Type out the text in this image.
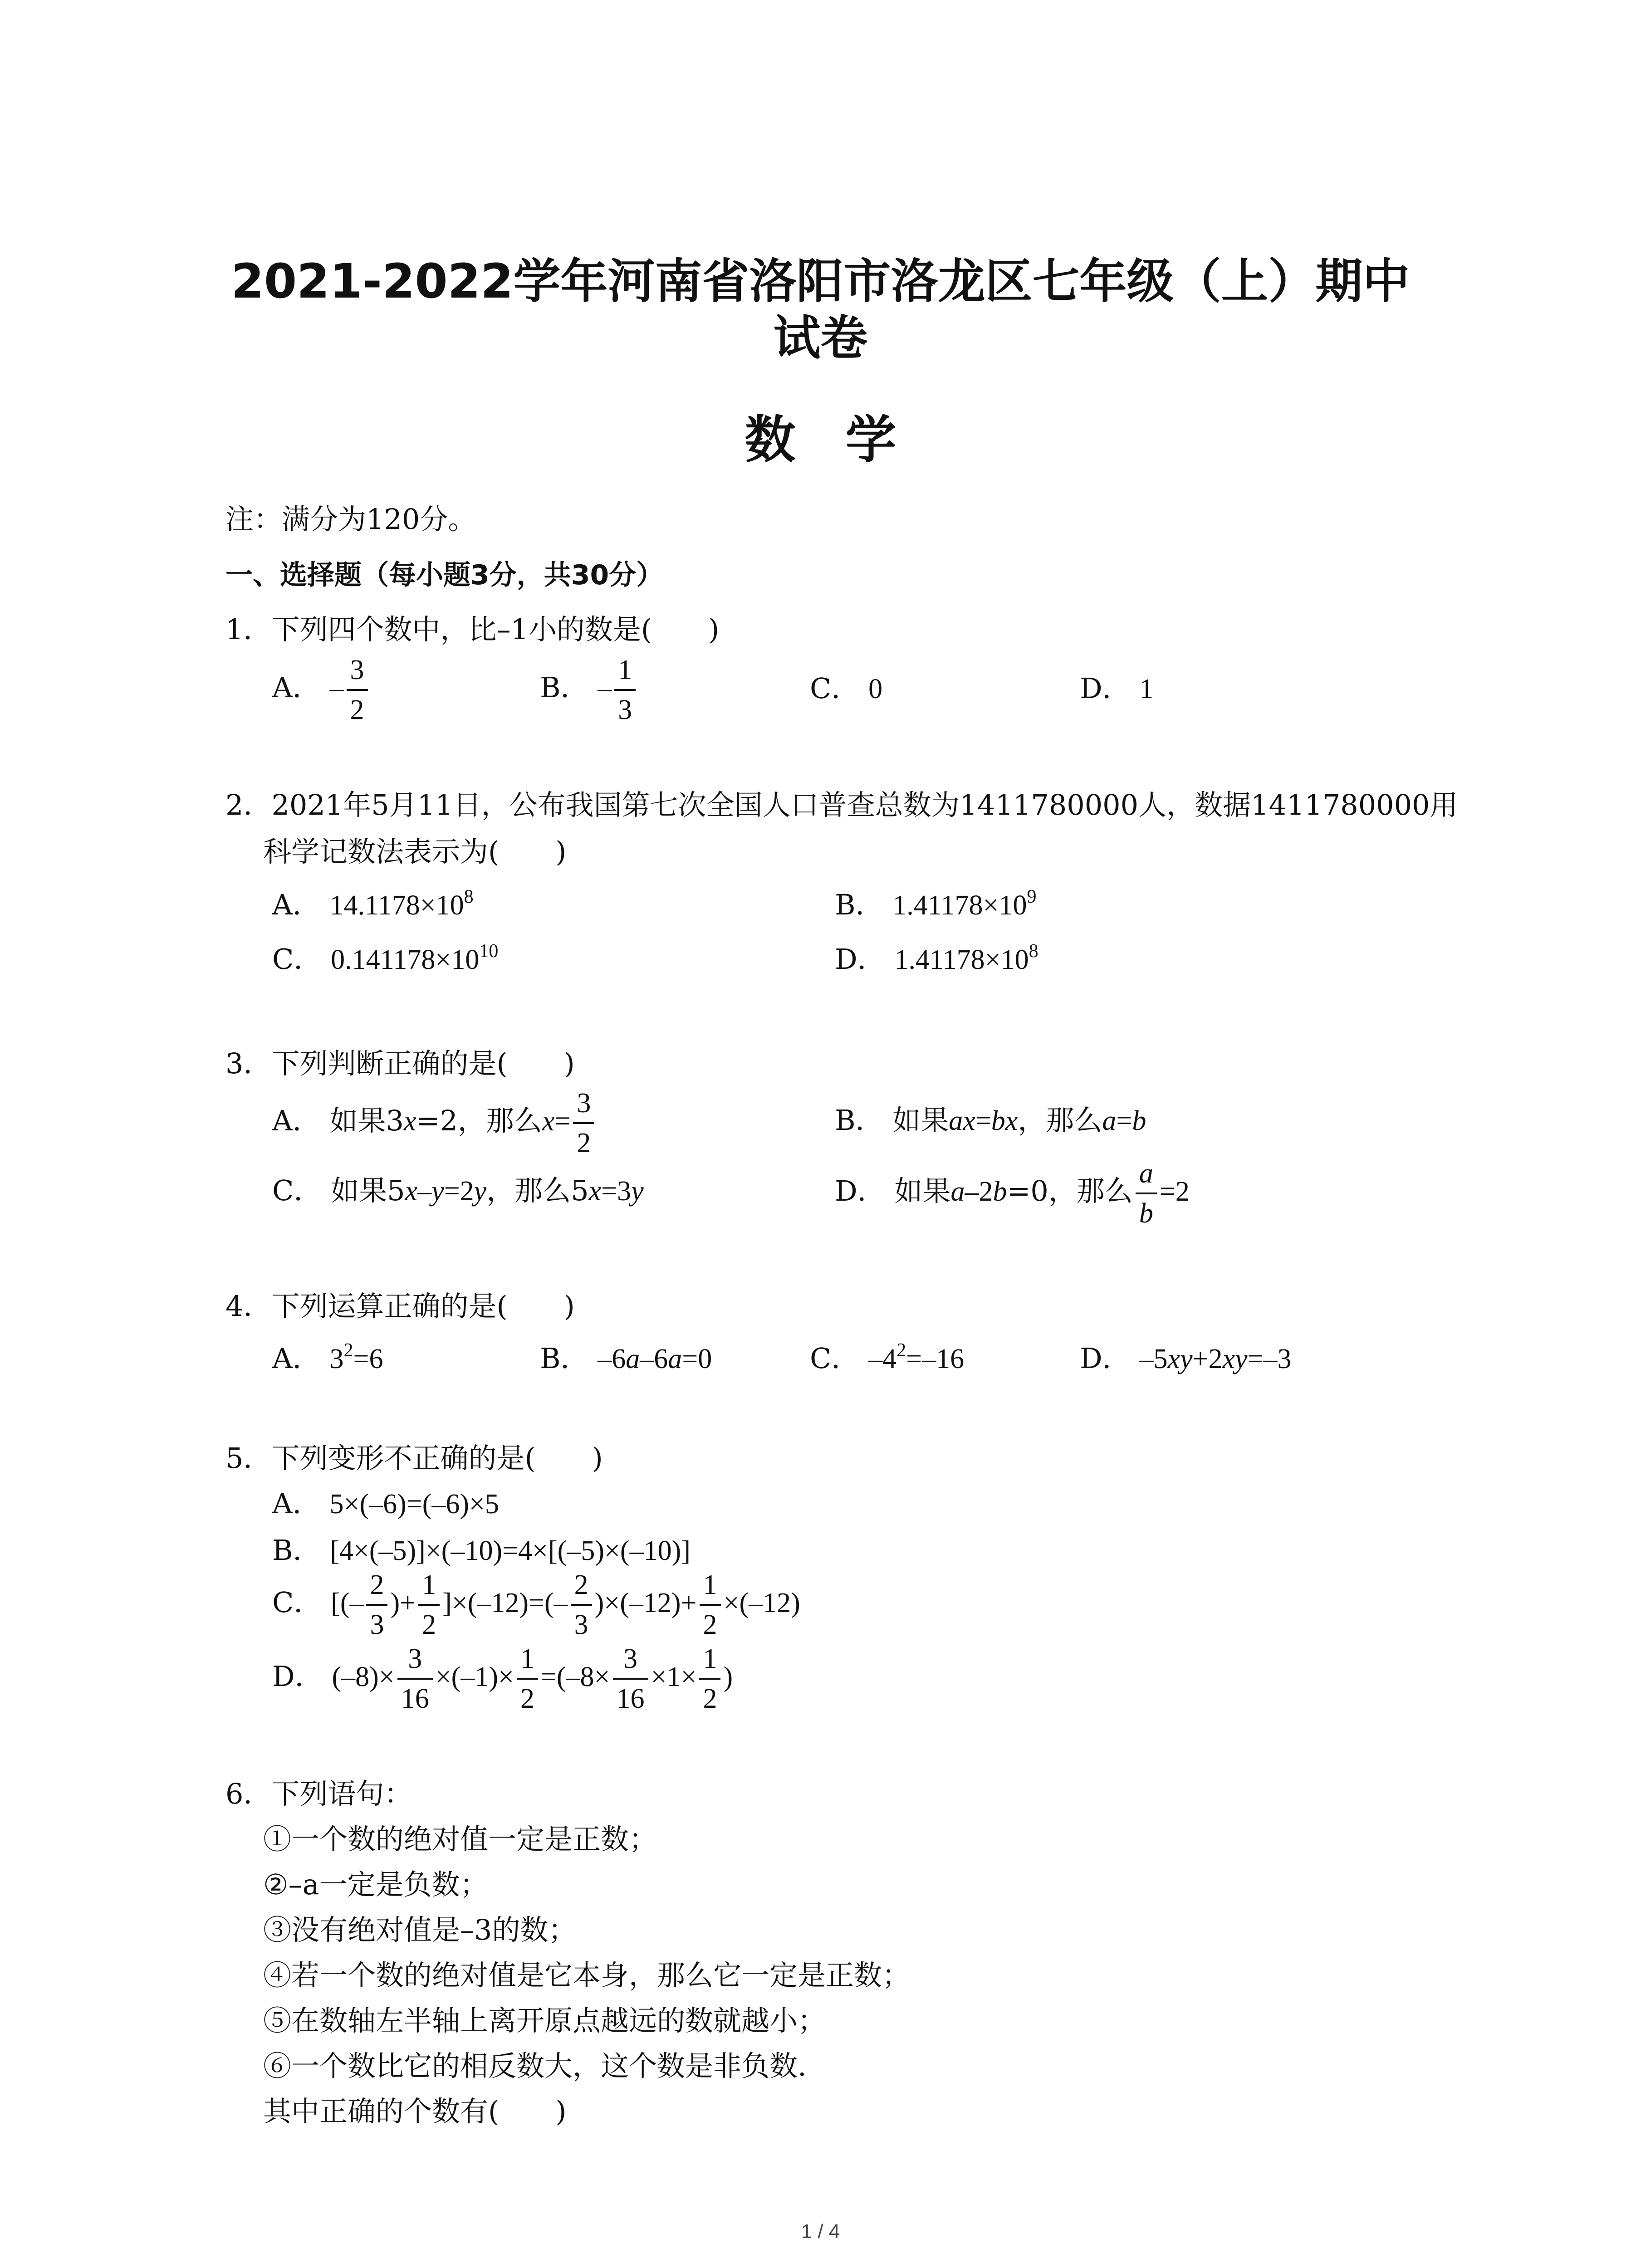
2021-2022学年河南省洛阳市洛龙区七年级（上）期中
试卷
数学
注：满分为120分。
一、选择题（每小题3分，共30分）
1．下列四个数中，比–1小的数是(　　)
A． – $\frac{3}{2}$	B． – $\frac{1}{3}$	C． 0	D． 1
2．2021年5月11日，公布我国第七次全国人口普查总数为1411780000人，数据1411780000用
科学记数法表示为(　　)
A． $14.1178\times 10^8$	B． $1.41178\times 10^9$
C． $0.141178\times 10^{10}$	D． $1.41178\times 10^8$
3．下列判断正确的是(　　)
A． 如果3x=2，那么$x= \frac{3}{2}$	B． 如果ax=bx，那么a=b
C． 如果5x–y=2y，那么5x=3y	D． 如果a–2b=0，那么 $\frac{a}{b} =2$
4．下列运算正确的是(　　)
A． $3^2=6$	B． –6a–6a=0	C． $-4^2=-16$	D． –5xy+2xy=–3
5．下列变形不正确的是(　　)
A． 5×(–6)=(–6)×5
B． [4×(–5)]×(–10)=4×[(–5)×(–10)]
C． [(– $\frac{2}{3}$ )+ $\frac{1}{2} ]\times(-12)=(- \frac{2}{3} )\times(-12)+ \frac{1}{2} \times(-12)$
D． $(-8)\times \frac{3}{16} \times(-1)\times \frac{1}{2} =(-8\times \frac{3}{16} \times 1\times \frac{1}{2}$ )
6．下列语句：
①一个数的绝对值一定是正数；
②–a一定是负数；
③没有绝对值是–3的数；
④若一个数的绝对值是它本身，那么它一定是正数；
⑤在数轴左半轴上离开原点越远的数就越小；
⑥一个数比它的相反数大，这个数是非负数.
其中正确的个数有(　　)
1 / 4
